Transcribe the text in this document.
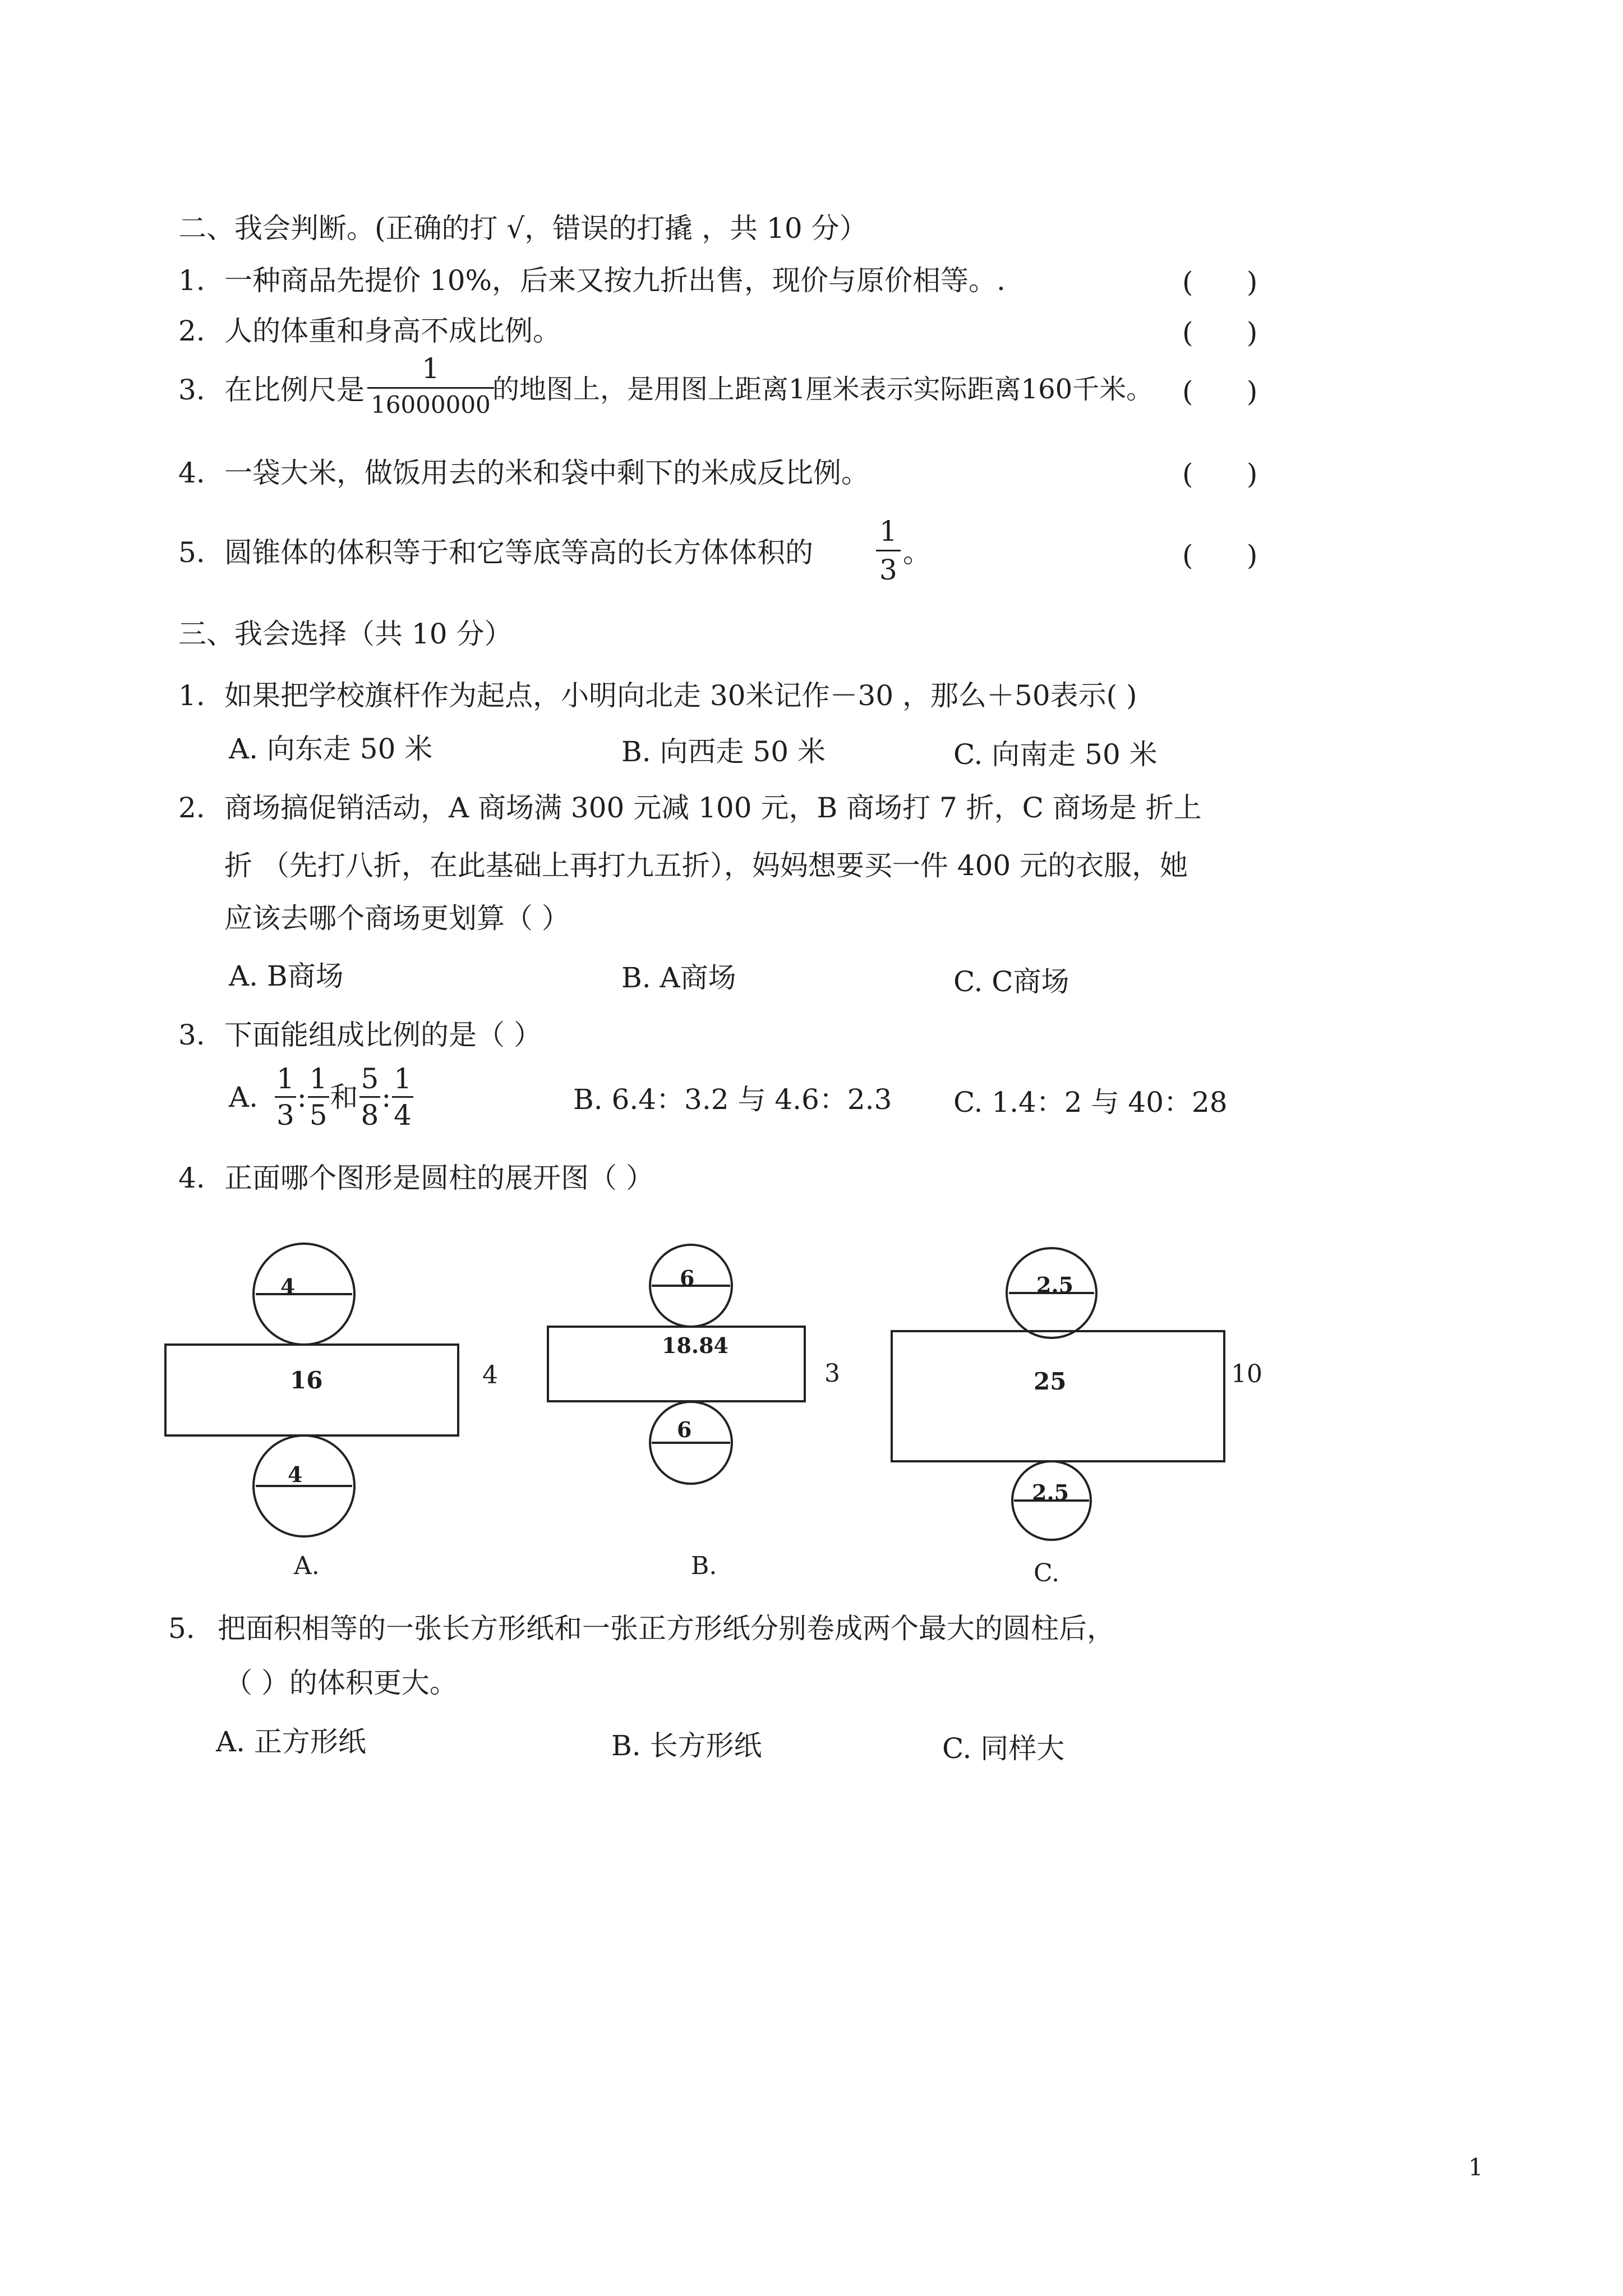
二、我会判断。(正确的打 √，错误的打撬 ，共 10 分）
1. 一种商品先提价 10%，后来又按九折出售，现价与原价相等。.	(      )
2. 人的体重和身高不成比例。	(      )
3. 在比例尺是
1
16000000 的地图上，是用图上距离1厘米表示实际距离160千米。 (      )
4. 一袋大米，做饭用去的米和袋中剩下的米成反比例。	(      )
5. 圆锥体的体积等于和它等底等高的长方体体积的 $\frac{1}{3}$ 。	(      )
三、我会选择（共 10 分）
1. 如果把学校旗杆作为起点，小明向北走 30米记作－30 ，那么＋50表示( )
A. 向东走 50 米	B. 向西走 50 米	C. 向南走 50 米
2. 商场搞促销活动，A 商场满 300 元减 100 元，B 商场打 7 折，C 商场是 折上
折 （先打八折，在此基础上再打九五折），妈妈想要买一件 400 元的衣服，她
应该去哪个商场更划算（ ）
A. B商场	B. A商场	C. C商场
3. 下面能组成比例的是（ ）
A. $\frac{1}{3}$ : $\frac{1}{5}$ 和 $\frac{5}{8}$ : $\frac{1}{4}$	B. 6.4：3.2 与 4.6：2.3 C. 1.4：2 与 40：28
4. 正面哪个图形是圆柱的展开图（ ）
4
16	4
4
A.
6
18.84
3
6
B.
2.5
25	10
2.5
C.
5. 把面积相等的一张长方形纸和一张正方形纸分别卷成两个最大的圆柱后，
（ ）的体积更大。
A. 正方形纸	B. 长方形纸	C. 同样大
1
